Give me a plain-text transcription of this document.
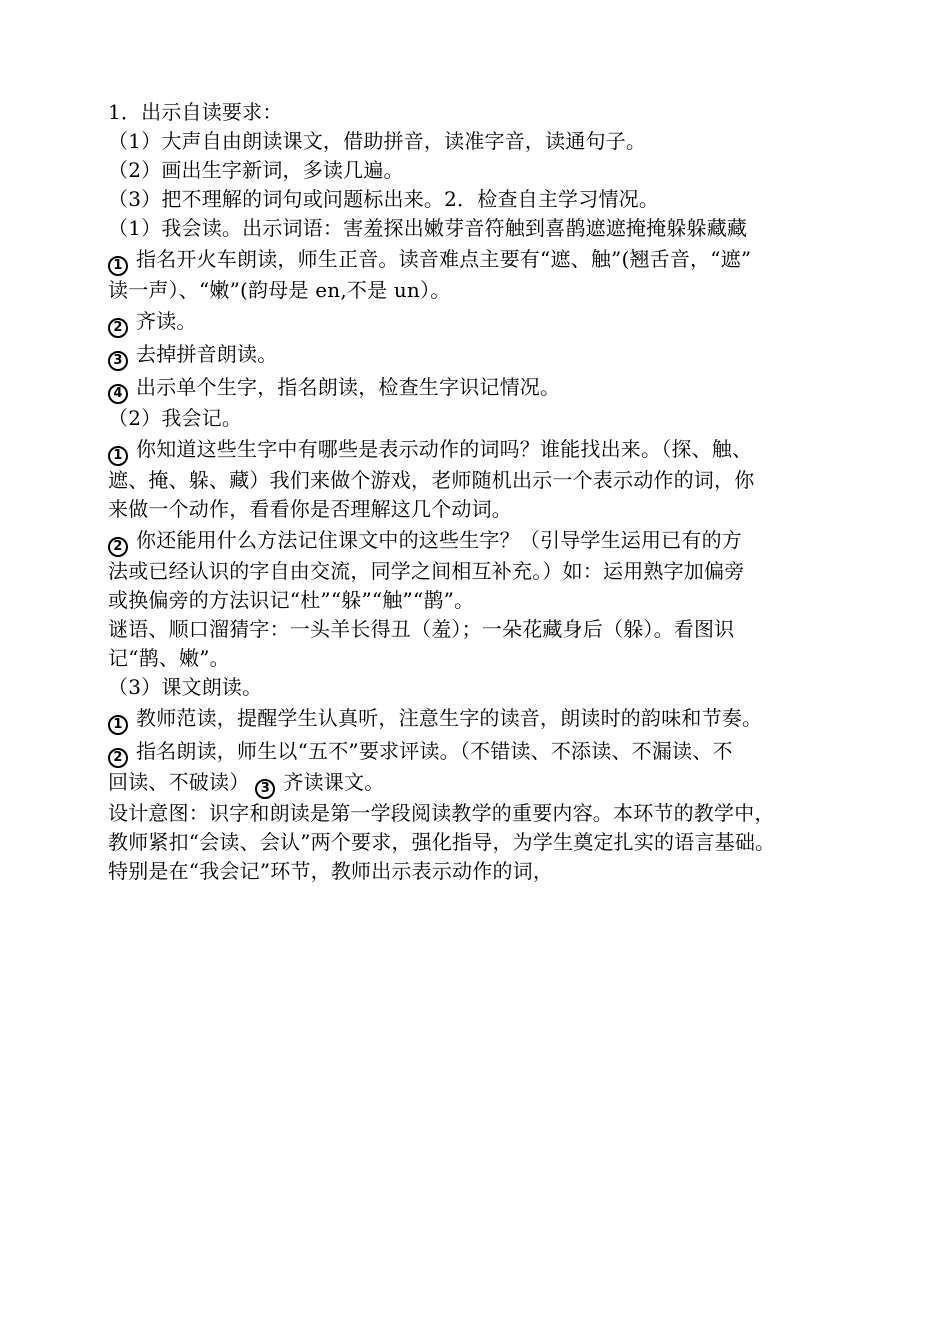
1．出示自读要求：
（1）大声自由朗读课文，借助拼音，读准字音，读通句子。
（2）画出生字新词，多读几遍。
（3）把不理解的词句或问题标出来。2．检查自主学习情况。
（1）我会读。出示词语：害羞探出嫩芽音符触到喜鹊遮遮掩掩躲躲藏藏
1 指名开火车朗读，师生正音。读音难点主要有“遮、触”(翘舌音，“遮”
读一声）、“嫩”(韵母是 en,不是 un）。
2 齐读。
3 去掉拼音朗读。
4 出示单个生字，指名朗读，检查生字识记情况。
（2）我会记。
1 你知道这些生字中有哪些是表示动作的词吗？谁能找出来。（探、触、
遮、掩、躲、藏）我们来做个游戏，老师随机出示一个表示动作的词，你
来做一个动作，看看你是否理解这几个动词。
2 你还能用什么方法记住课文中的这些生字？（引导学生运用已有的方
法或已经认识的字自由交流，同学之间相互补充。）如：运用熟字加偏旁
或换偏旁的方法识记“杜”“躲”“触”“鹊”。
谜语、顺口溜猜字：一头羊长得丑（羞）；一朵花藏身后（躲）。看图识
记“鹊、嫩”。
（3）课文朗读。
1 教师范读，提醒学生认真听，注意生字的读音，朗读时的韵味和节奏。
2 指名朗读，师生以“五不”要求评读。（不错读、不添读、不漏读、不
回读、不破读） 3 齐读课文。
设计意图：识字和朗读是第一学段阅读教学的重要内容。本环节的教学中，
教师紧扣“会读、会认”两个要求，强化指导，为学生奠定扎实的语言基础。
特别是在“我会记”环节，教师出示表示动作的词，
